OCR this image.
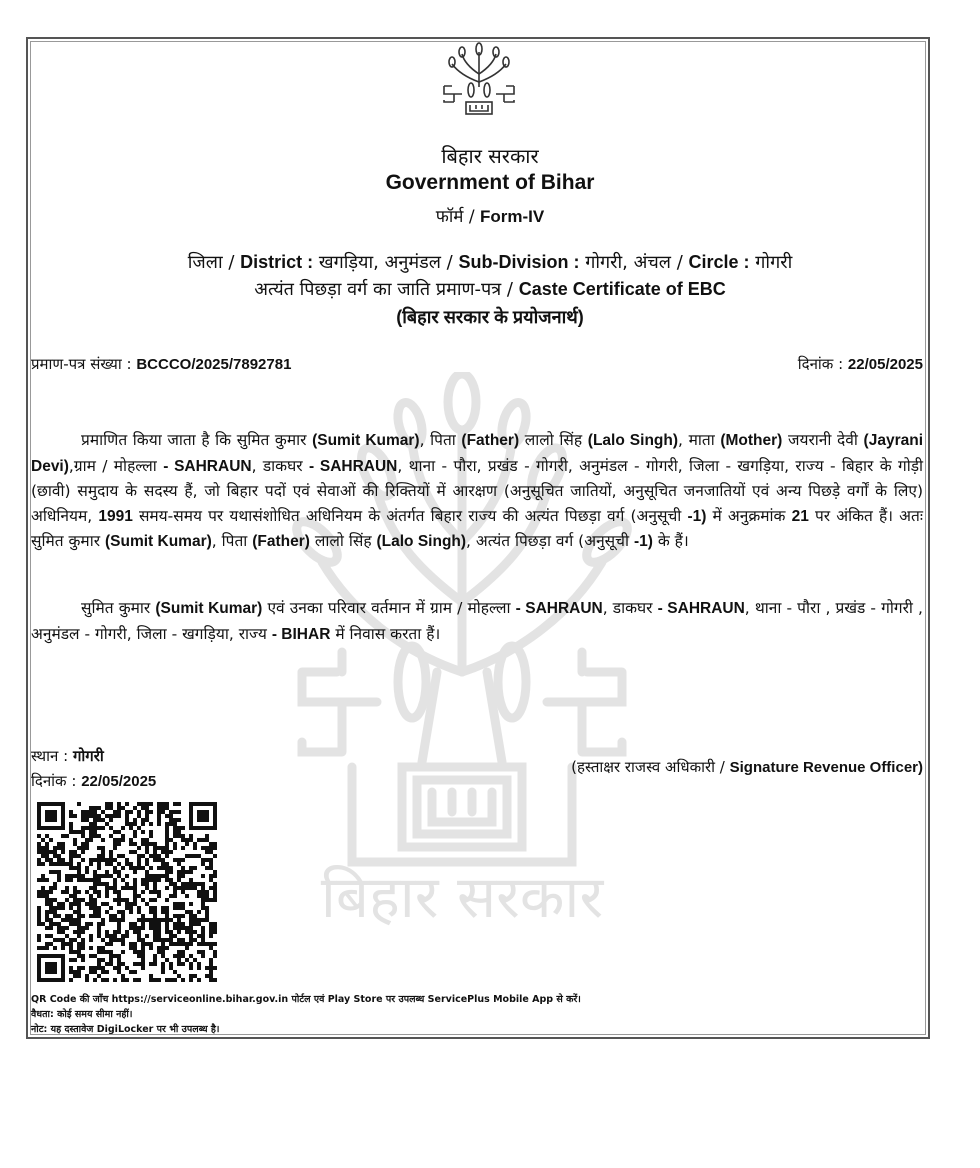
बिहार सरकार
बिहार सरकार
Government of Bihar
फॉर्म / Form-IV
जिला / District : खगड़िया, अनुमंडल / Sub-Division : गोगरी, अंचल / Circle : गोगरी
अत्यंत पिछड़ा वर्ग का जाति प्रमाण-पत्र / Caste Certificate of EBC
(बिहार सरकार के प्रयोजनार्थ)
प्रमाण-पत्र संख्या : BCCCO/2025/7892781	दिनांक : 22/05/2025

प्रमाणित किया जाता है कि सुमित कुमार (Sumit Kumar), पिता (Father) लालो सिंह (Lalo Singh), माता (Mother) जयरानी देवी (Jayrani Devi),ग्राम / मोहल्ला - SAHRAUN, डाकघर - SAHRAUN, थाना - पौरा, प्रखंड - गोगरी, अनुमंडल - गोगरी, जिला - खगड़िया, राज्य - बिहार के गोड़ी (छावी) समुदाय के सदस्य हैं, जो बिहार पदों एवं सेवाओं की रिक्तियों में आरक्षण (अनुसूचित जातियों, अनुसूचित जनजातियों एवं अन्य पिछड़े वर्गों के लिए) अधिनियम, 1991 समय-समय पर यथासंशोधित अधिनियम के अंतर्गत बिहार राज्य की अत्यंत पिछड़ा वर्ग (अनुसूची -1) में अनुक्रमांक 21 पर अंकित हैं। अतः सुमित कुमार (Sumit Kumar), पिता (Father) लालो सिंह (Lalo Singh), अत्यंत पिछड़ा वर्ग (अनुसूची -1) के हैं।

सुमित कुमार (Sumit Kumar) एवं उनका परिवार वर्तमान में ग्राम / मोहल्ला - SAHRAUN, डाकघर - SAHRAUN, थाना - पौरा , प्रखंड - गोगरी , अनुमंडल - गोगरी, जिला - खगड़िया, राज्य - BIHAR में निवास करता हैं।

स्थान : गोगरी
दिनांक : 22/05/2025
(हस्ताक्षर राजस्व अधिकारी / Signature Revenue Officer)
QR Code की जाँच https://serviceonline.bihar.gov.in पोर्टल एवं Play Store पर उपलब्ध ServicePlus Mobile App से करें।
वैधता: कोई समय सीमा नहीं।
नोट: यह दस्तावेज DigiLocker पर भी उपलब्ध है।
